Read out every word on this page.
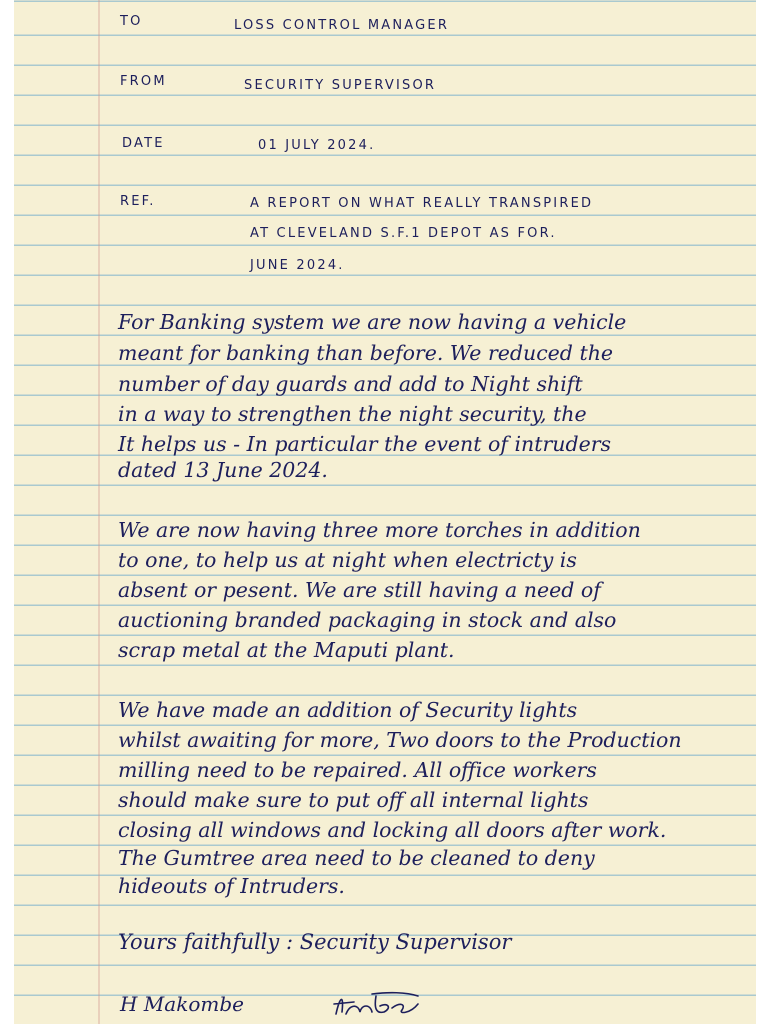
TO	LOSS CONTROL MANAGER
FROM	SECURITY SUPERVISOR
DATE	01 JULY 2024.
REF.	A REPORT ON WHAT REALLY TRANSPIRED
AT CLEVELAND S.F.1 DEPOT AS FOR.
JUNE 2024.
For Banking system we are now having a vehicle
meant for banking than before. We reduced the
number of day guards and add to Night shift
in a way to strengthen the night security, the
It helps us - In particular the event of intruders
dated 13 June 2024.
We are now having three more torches in addition
to one, to help us at night when electricty is
absent or pesent. We are still having a need of
auctioning branded packaging in stock and also
scrap metal at the Maputi plant.
We have made an addition of Security lights
whilst awaiting for more, Two doors to the Production
milling need to be repaired. All office workers
should make sure to put off all internal lights
closing all windows and locking all doors after work.
The Gumtree area need to be cleaned to deny
hideouts of Intruders.
Yours faithfully : Security Supervisor
H Makombe
